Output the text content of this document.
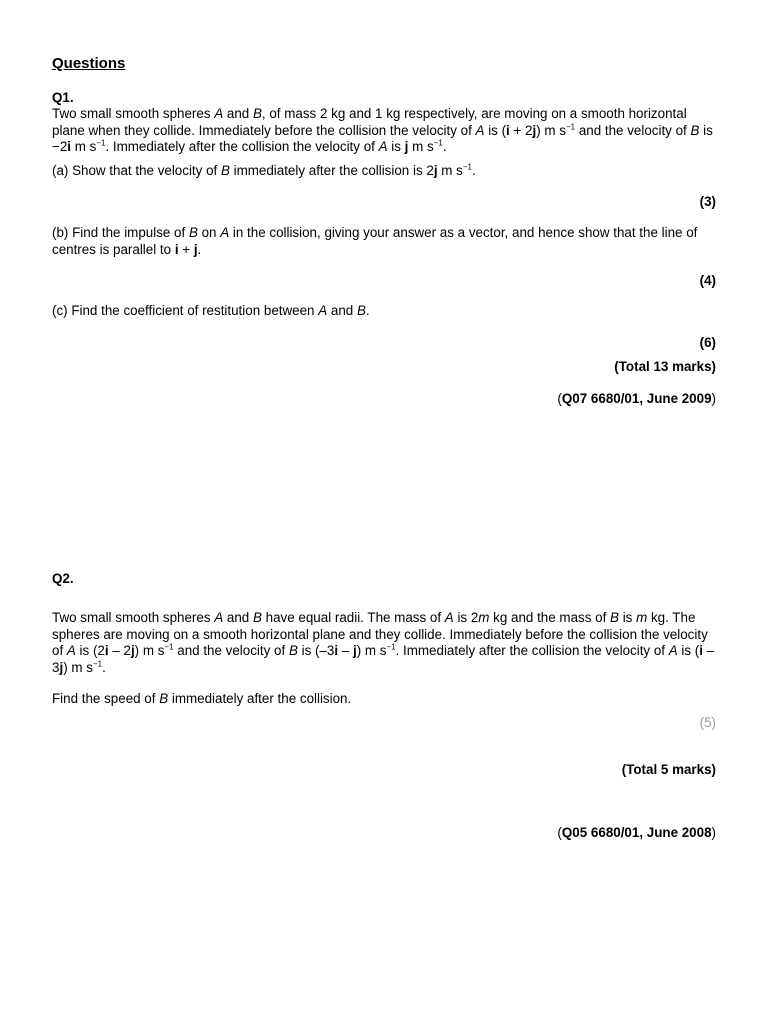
Questions
Q1.
Two small smooth spheres A and B, of mass 2 kg and 1 kg respectively, are moving on a smooth horizontal plane when they collide. Immediately before the collision the velocity of A is (i + 2j) m $s^{-1}$ and the velocity of B is −2i m $s^{-1}$. Immediately after the collision the velocity of A is j m $s^{-1}$.
(a) Show that the velocity of B immediately after the collision is 2j m $s^{-1}$.
(3)
(b) Find the impulse of B on A in the collision, giving your answer as a vector, and hence show that the line of centres is parallel to i + j.
(4)
(c) Find the coefficient of restitution between A and B.
(6)
(Total 13 marks)
(Q07 6680/01, June 2009)
Q2.
Two small smooth spheres A and B have equal radii. The mass of A is 2m kg and the mass of B is m kg. The spheres are moving on a smooth horizontal plane and they collide. Immediately before the collision the velocity of A is (2i – 2j) m $s^{-1}$ and the velocity of B is (–3i – j) m $s^{-1}$. Immediately after the collision the velocity of A is (i – 3j) m $s^{-1}$.
Find the speed of B immediately after the collision.
(5)
(Total 5 marks)
(Q05 6680/01, June 2008)
